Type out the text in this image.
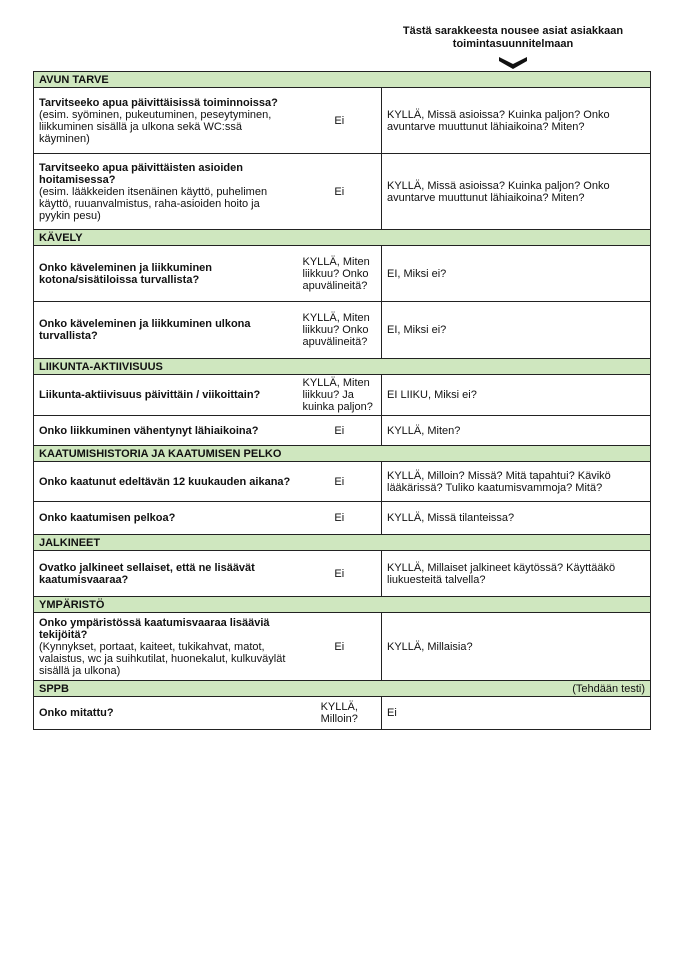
Tästä sarakkeesta nousee asiat asiakkaan toimintasuunnitelmaan
AVUN TARVE		
Tarvitseeko apua päivittäisissä toiminnoissa?
(esim. syöminen, pukeutuminen, peseytyminen, liikkuminen sisällä ja ulkona sekä WC:ssä käyminen)	Ei	KYLLÄ, Missä asioissa? Kuinka paljon? Onko avuntarve muuttunut lähiaikoina? Miten?
Tarvitseeko apua päivittäisten asioiden hoitamisessa?
(esim. lääkkeiden itsenäinen käyttö, puhelimen käyttö, ruuanvalmistus, raha-asioiden hoito ja pyykin pesu)	Ei	KYLLÄ, Missä asioissa? Kuinka paljon? Onko avuntarve muuttunut lähiaikoina? Miten?
KÄVELY		
Onko käveleminen ja liikkuminen kotona/sisätiloissa turvallista?	KYLLÄ, Miten liikkuu? Onko apuvälineitä?	EI, Miksi ei?
Onko käveleminen ja liikkuminen ulkona turvallista?	KYLLÄ, Miten liikkuu? Onko apuvälineitä?	EI, Miksi ei?
LIIKUNTA-AKTIIVISUUS		
Liikunta-aktiivisuus päivittäin / viikoittain?	KYLLÄ, Miten liikkuu? Ja kuinka paljon?	EI LIIKU, Miksi ei?
Onko liikkuminen vähentynyt lähiaikoina?	Ei	KYLLÄ, Miten?
KAATUMISHISTORIA JA KAATUMISEN PELKO		
Onko kaatunut edeltävän 12 kuukauden aikana?	Ei	KYLLÄ, Milloin? Missä? Mitä tapahtui? Kävikö lääkärissä? Tuliko kaatumisvammoja? Mitä?
Onko kaatumisen pelkoa?	Ei	KYLLÄ, Missä tilanteissa?
JALKINEET		
Ovatko jalkineet sellaiset, että ne lisäävät kaatumisvaaraa?	Ei	KYLLÄ, Millaiset jalkineet käytössä? Käyttääkö liukuesteitä talvella?
YMPÄRISTÖ		
Onko ympäristössä kaatumisvaaraa lisääviä tekijöitä?
(Kynnykset, portaat, kaiteet, tukikahvat, matot, valaistus, wc ja suihkutilat, huonekalut, kulkuväylät sisällä ja ulkona)	Ei	KYLLÄ, Millaisia?
SPPB (Tehdään testi)		

Onko mitattu?	KYLLÄ, Milloin?	Ei
